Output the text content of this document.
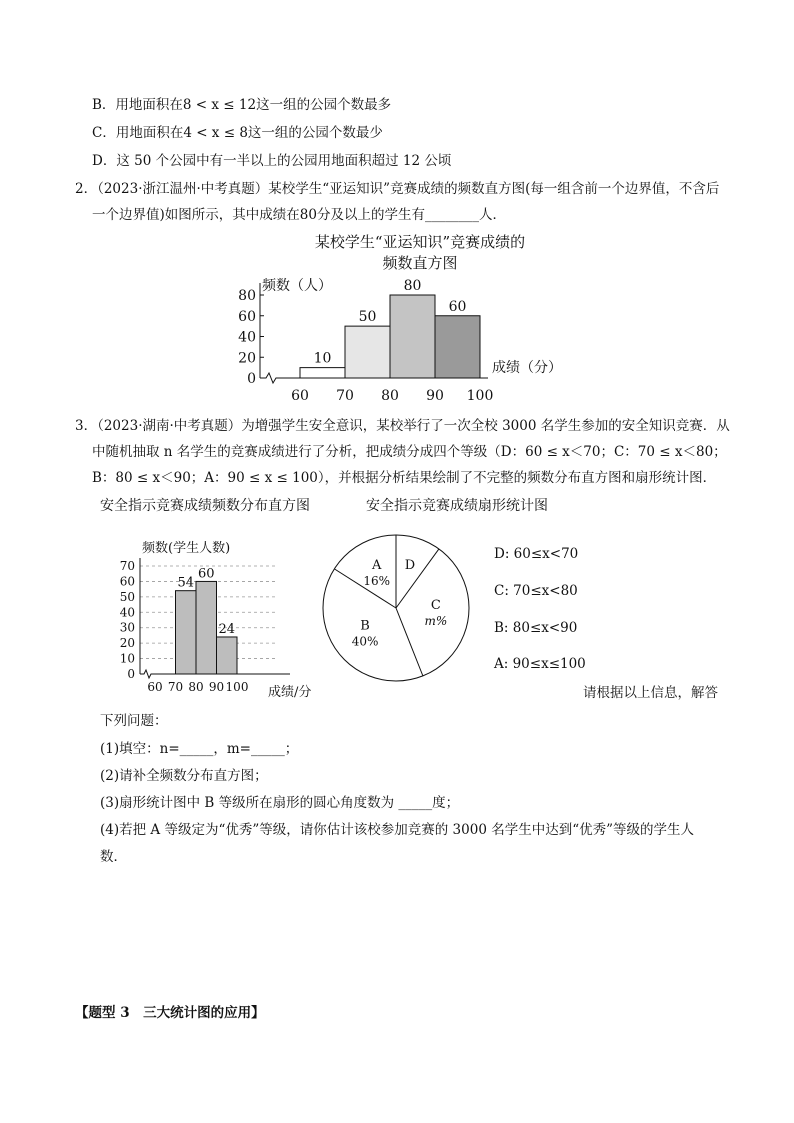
B．用地面积在8 < x ≤ 12这一组的公园个数最多
C．用地面积在4 < x ≤ 8这一组的公园个数最少
D．这 50 个公园中有一半以上的公园用地面积超过 12 公顷
2．（2023·浙江温州·中考真题）某校学生“亚运知识”竞赛成绩的频数直方图(每一组含前一个边界值，不含后
一个边界值)如图所示，其中成绩在80分及以上的学生有________人．
某校学生“亚运知识”竞赛成绩的
频数直方图
0
20
40
60
80
60 70 80 90 100
10
50
80
60
频数（人）
成绩（分）
3．（2023·湖南·中考真题）为增强学生安全意识，某校举行了一次全校 3000 名学生参加的安全知识竞赛．从
中随机抽取 n 名学生的竞赛成绩进行了分析，把成绩分成四个等级（D：60 ≤ x＜70；C：70 ≤ x＜80；
B：80 ≤ x＜90；A：90 ≤ x ≤ 100），并根据分析结果绘制了不完整的频数分布直方图和扇形统计图．
安全指示竞赛成绩频数分布直方图	安全指示竞赛成绩扇形统计图
0
10
20
30
40
50
60
70
54
60
24
60 70 80 90 100
频数(学生人数)
成绩/分
A
16%
D
C
m%
B
40%
D: 60≤x<70
C: 70≤x<80
B: 80≤x<90
A: 90≤x≤100
请根据以上信息，解答
下列问题：
(1)填空：n=_____，m=_____；
(2)请补全频数分布直方图；
(3)扇形统计图中 B 等级所在扇形的圆心角度数为 _____度；
(4)若把 A 等级定为“优秀”等级，请你估计该校参加竞赛的 3000 名学生中达到“优秀”等级的学生人
数．
【题型 3　三大统计图的应用】
